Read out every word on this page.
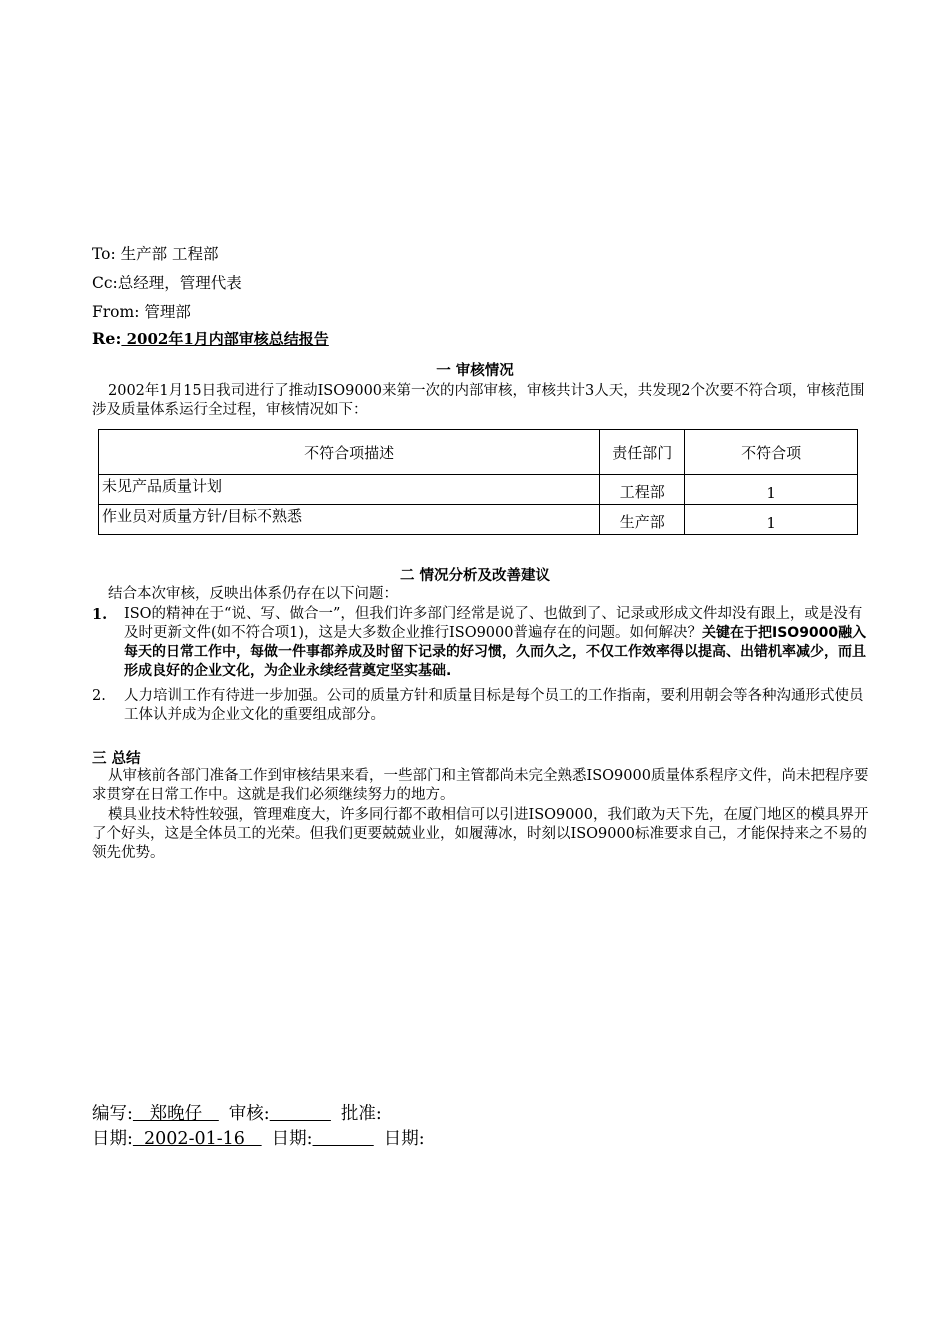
To: 生产部 工程部
Cc:总经理，管理代表
From: 管理部
Re: 2002年1月内部审核总结报告
一 审核情况
2002年1月15日我司进行了推动ISO9000来第一次的内部审核，审核共计3人天，共发现2个次要不符合项，审核范围涉及质量体系运行全过程，审核情况如下：
不符合项描述	责任部门	不符合项
未见产品质量计划	工程部	1
作业员对质量方针/目标不熟悉	生产部	1
二 情况分析及改善建议
结合本次审核，反映出体系仍存在以下问题：
1.	ISO的精神在于“说、写、做合一”，但我们许多部门经常是说了、也做到了、记录或形成文件却没有跟上，或是没有及时更新文件(如不符合项1)，这是大多数企业推行ISO9000普遍存在的问题。如何解决？关键在于把ISO9000融入每天的日常工作中，每做一件事都养成及时留下记录的好习惯，久而久之，不仅工作效率得以提高、出错机率减少，而且形成良好的企业文化，为企业永续经营奠定坚实基础.
2.	人力培训工作有待进一步加强。公司的质量方针和质量目标是每个员工的工作指南，要利用朝会等各种沟通形式使员工体认并成为企业文化的重要组成部分。
三 总结
从审核前各部门准备工作到审核结果来看，一些部门和主管都尚未完全熟悉ISO9000质量体系程序文件，尚未把程序要求贯穿在日常工作中。这就是我们必须继续努力的地方。
模具业技术特性较强，管理难度大，许多同行都不敢相信可以引进ISO9000，我们敢为天下先，在厦门地区的模具界开了个好头，这是全体员工的光荣。但我们更要兢兢业业，如履薄冰，时刻以ISO9000标准要求自己，才能保持来之不易的领先优势。
编写:   郑晚仔   审核:	批准:
日期:  2002-01-16   日期:	日期:
